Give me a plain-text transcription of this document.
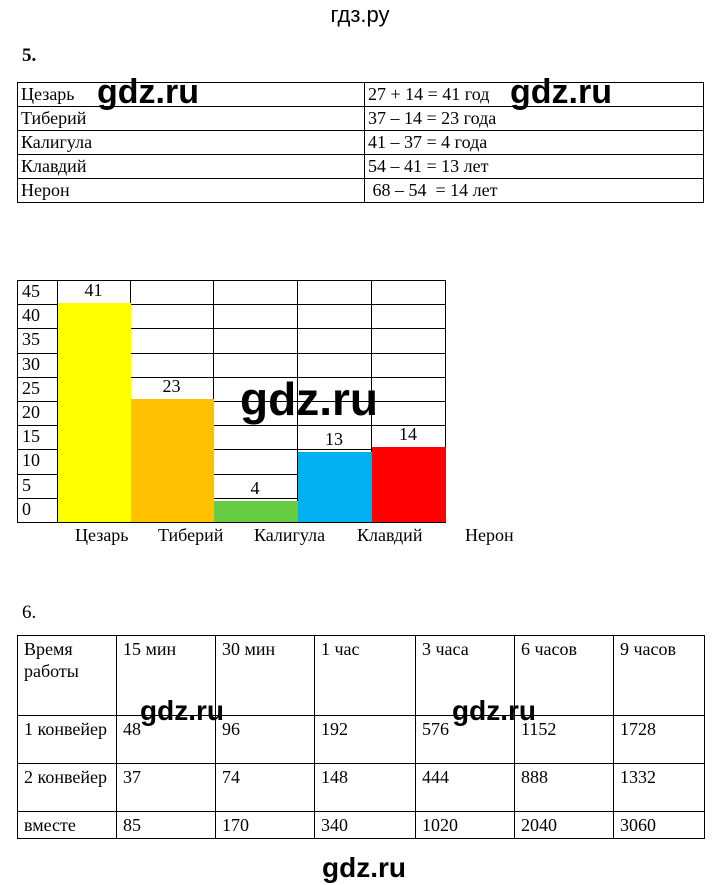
гдз.ру
5.
Цезарь	27 + 14 = 41 год
Тиберий	37 – 14 = 23 года
Калигула	41 – 37 = 4 года
Клавдий	54 – 41 = 13 лет
Нерон	68 – 54  = 14 лет
41
23
4
13	14
45
40
35
30
25
20
15
10
5
0
Цезарь Тиберий Калигула Клавдий Нерон
6.
Время работы	15 мин	30 мин	1 час	3 часа	6 часов	9 часов
1 конвейер	48	96	192	576	1152	1728
2 конвейер	37	74	148	444	888	1332
вместе	85	170	340	1020	2040	3060
gdz.ru	gdz.ru
gdz.ru
gdz.ru	gdz.ru
gdz.ru
